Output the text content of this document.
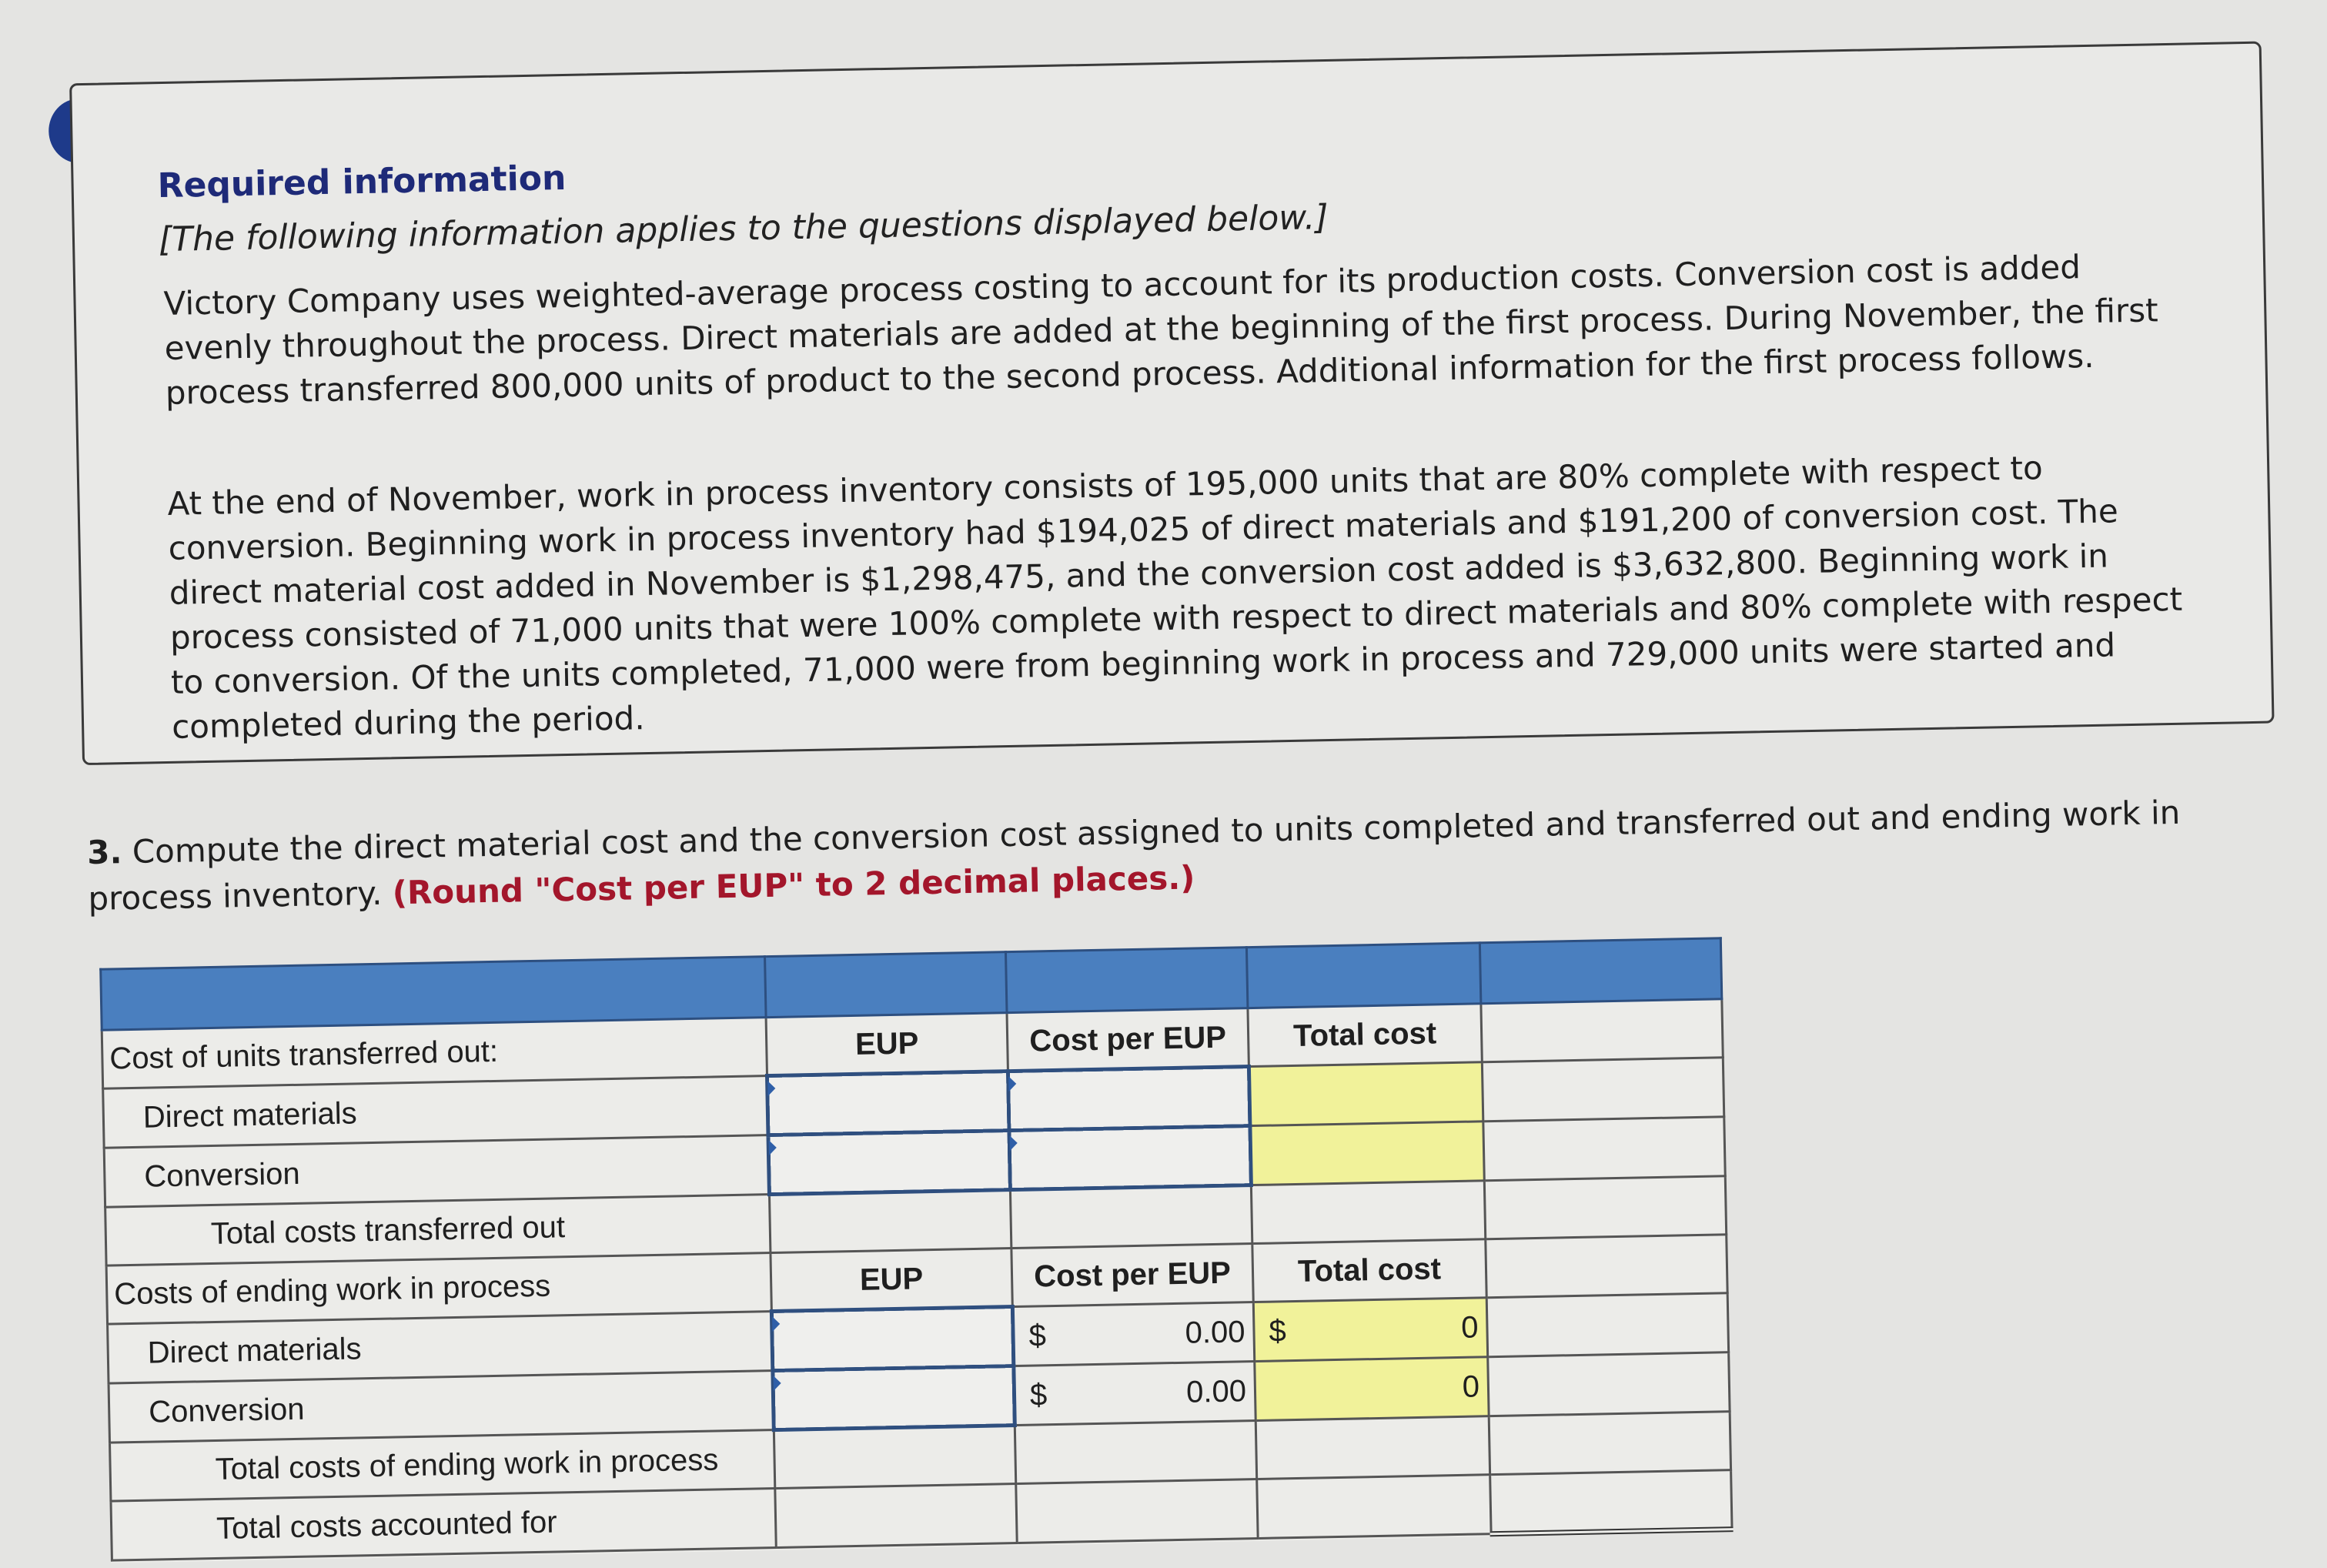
Required information
[The following information applies to the questions displayed below.]
Victory Company uses weighted-average process costing to account for its production costs. Conversion cost is added evenly throughout the process. Direct materials are added at the beginning of the first process. During November, the first process transferred 800,000 units of product to the second process. Additional information for the first process follows.
At the end of November, work in process inventory consists of 195,000 units that are 80% complete with respect to conversion. Beginning work in process inventory had $194,025 of direct materials and $191,200 of conversion cost. The direct material cost added in November is $1,298,475, and the conversion cost added is $3,632,800. Beginning work in process consisted of 71,000 units that were 100% complete with respect to direct materials and 80% complete with respect to conversion. Of the units completed, 71,000 were from beginning work in process and 729,000 units were started and completed during the period.
3. Compute the direct material cost and the conversion cost assigned to units completed and transferred out and ending work in process inventory. (Round "Cost per EUP" to 2 decimal places.)

Cost of units transferred out:	EUP	Cost per EUP	Total cost	
Direct materials				
Conversion				
Total costs transferred out				
Costs of ending work in process	EUP	Cost per EUP	Total cost	
Direct materials		$ 0.00	$ 0	

Conversion		$ 0.00	0	

Total costs of ending work in process				
Total costs accounted for				
